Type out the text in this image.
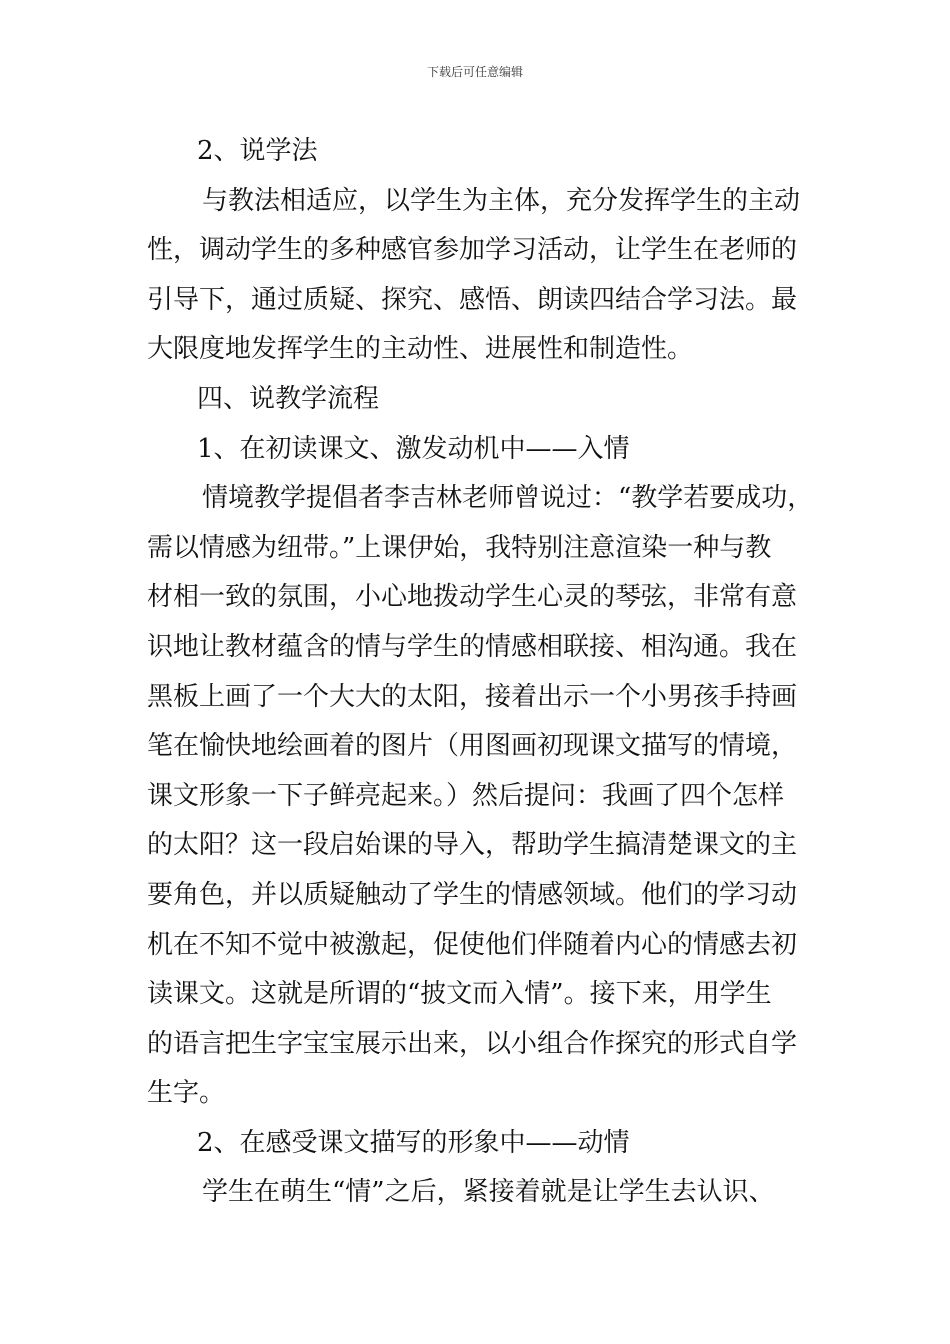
下载后可任意编辑
2、说学法
与教法相适应，以学生为主体，充分发挥学生的主动
性，调动学生的多种感官参加学习活动，让学生在老师的
引导下，通过质疑、探究、感悟、朗读四结合学习法。最
大限度地发挥学生的主动性、进展性和制造性。
四、说教学流程
1、在初读课文、激发动机中——入情
情境教学提倡者李吉林老师曾说过：“教学若要成功，
需以情感为纽带。”上课伊始，我特别注意渲染一种与教
材相一致的氛围，小心地拨动学生心灵的琴弦，非常有意
识地让教材蕴含的情与学生的情感相联接、相沟通。我在
黑板上画了一个大大的太阳，接着出示一个小男孩手持画
笔在愉快地绘画着的图片（用图画初现课文描写的情境，
课文形象一下子鲜亮起来。）然后提问：我画了四个怎样
的太阳？这一段启始课的导入，帮助学生搞清楚课文的主
要角色，并以质疑触动了学生的情感领域。他们的学习动
机在不知不觉中被激起，促使他们伴随着内心的情感去初
读课文。这就是所谓的“披文而入情”。接下来，用学生
的语言把生字宝宝展示出来，以小组合作探究的形式自学
生字。
2、在感受课文描写的形象中——动情
学生在萌生“情”之后，紧接着就是让学生去认识、
